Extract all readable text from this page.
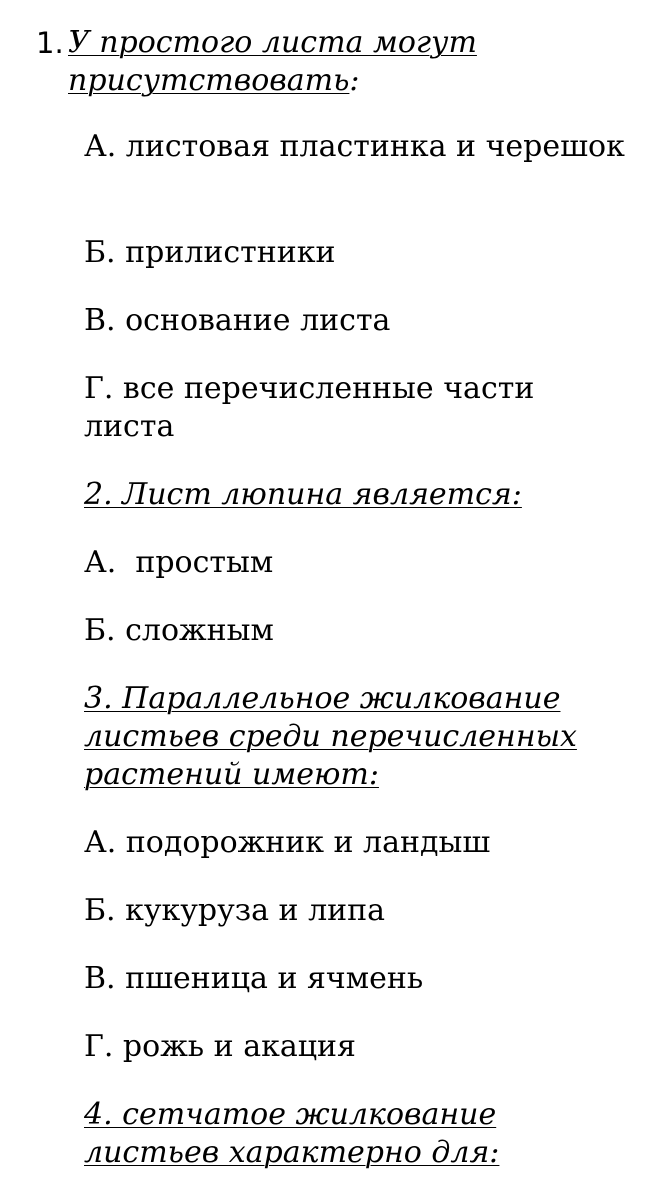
1. У простого листа могут присутствовать:
А. листовая пластинка и черешок
Б. прилистники
В. основание листа
Г. все перечисленные части листа
2. Лист люпина является:
А.  простым
Б. сложным
3. Параллельное жилкование листьев среди перечисленных растений имеют:
А. подорожник и ландыш
Б. кукуруза и липа
В. пшеница и ячмень
Г. рожь и акация
4. сетчатое жилкование листьев характерно для:
